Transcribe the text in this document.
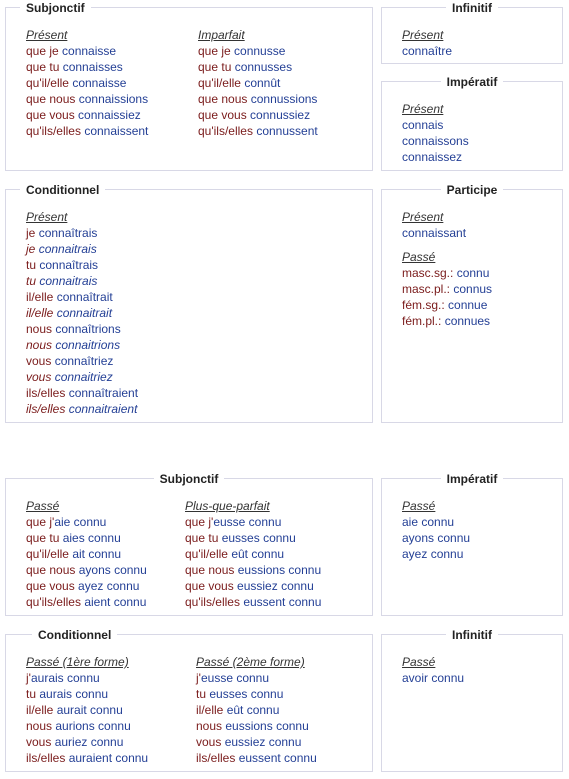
Subjonctif
Présent
que je connaisse
que tu connaisses
qu'il/elle connaisse
que nous connaissions
que vous connaissiez
qu'ils/elles connaissent
Imparfait
que je connusse
que tu connusses
qu'il/elle connût
que nous connussions
que vous connussiez
qu'ils/elles connussent
Infinitif
Présent
connaître
Impératif
Présent
connais
connaissons
connaissez
Conditionnel
Présent
je connaîtrais
je connaitrais
tu connaîtrais
tu connaitrais
il/elle connaîtrait
il/elle connaitrait
nous connaîtrions
nous connaitrions
vous connaîtriez
vous connaitriez
ils/elles connaîtraient
ils/elles connaitraient
Participe
Présent
connaissant
Passé
masc.sg.: connu
masc.pl.: connus
fém.sg.: connue
fém.pl.: connues
Subjonctif
Passé
que j'aie connu
que tu aies connu
qu'il/elle ait connu
que nous ayons connu
que vous ayez connu
qu'ils/elles aient connu
Plus-que-parfait
que j'eusse connu
que tu eusses connu
qu'il/elle eût connu
que nous eussions connu
que vous eussiez connu
qu'ils/elles eussent connu
Impératif
Passé
aie connu
ayons connu
ayez connu
Conditionnel
Passé (1ère forme)
j'aurais connu
tu aurais connu
il/elle aurait connu
nous aurions connu
vous auriez connu
ils/elles auraient connu
Passé (2ème forme)
j'eusse connu
tu eusses connu
il/elle eût connu
nous eussions connu
vous eussiez connu
ils/elles eussent connu
Infinitif
Passé
avoir connu
